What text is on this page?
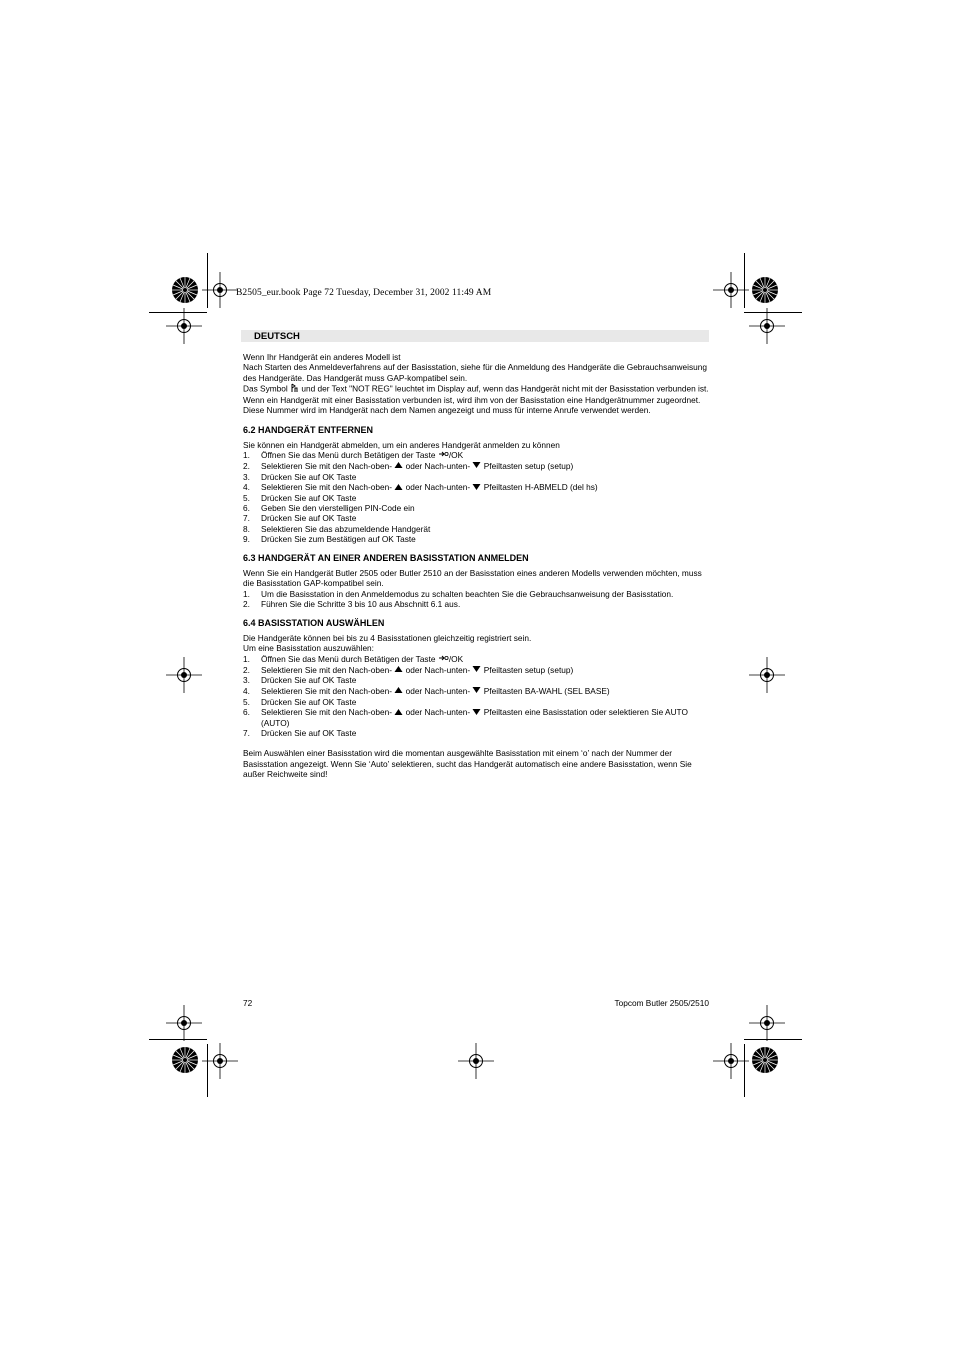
B2505_eur.book Page 72 Tuesday, December 31, 2002 11:49 AM
DEUTSCH

Wenn Ihr Handgerät ein anderes Modell ist

Nach Starten des Anmeldeverfahrens auf der Basisstation, siehe für die Anmeldung des Handgeräte die Gebrauchsanweisung des Handgeräte. Das Handgerät muss GAP-kompatibel sein.

Das Symbol und der Text "NOT REG" leuchtet im Display auf, wenn das Handgerät nicht mit der Basisstation verbunden ist.

Wenn ein Handgerät mit einer Basisstation verbunden ist, wird ihm von der Basisstation eine Handgerätnummer zugeordnet. Diese Nummer wird im Handgerät nach dem Namen angezeigt und muss für interne Anrufe verwendet werden.

6.2 HANDGERÄT ENTFERNEN

Sie können ein Handgerät abmelden, um ein anderes Handgerät anmelden zu können

1.	Öffnen Sie das Menü durch Betätigen der Taste /OK
2.	Selektieren Sie mit den Nach-oben-  oder Nach-unten-  Pfeiltasten setup (setup)
3.	Drücken Sie auf OK Taste
4.	Selektieren Sie mit den Nach-oben-  oder Nach-unten-  Pfeiltasten H-ABMELD (del hs)
5.	Drücken Sie auf OK Taste
6.	Geben Sie den vierstelligen PIN-Code ein
7.	Drücken Sie auf OK Taste
8.	Selektieren Sie das abzumeldende Handgerät
9.	Drücken Sie zum Bestätigen auf OK Taste
6.3 HANDGERÄT AN EINER ANDEREN BASISSTATION ANMELDEN

Wenn Sie ein Handgerät Butler 2505 oder Butler 2510 an der Basisstation eines anderen Modells verwenden möchten, muss die Basisstation GAP-kompatibel sein.

1.	Um die Basisstation in den Anmeldemodus zu schalten beachten Sie die Gebrauchsanweisung der Basisstation.
2.	Führen Sie die Schritte 3 bis 10 aus Abschnitt 6.1 aus.
6.4 BASISSTATION AUSWÄHLEN

Die Handgeräte können bei bis zu 4 Basisstationen gleichzeitig registriert sein.

Um eine Basisstation auszuwählen:

1.	Öffnen Sie das Menü durch Betätigen der Taste /OK
2.	Selektieren Sie mit den Nach-oben-  oder Nach-unten-  Pfeiltasten setup (setup)
3.	Drücken Sie auf OK Taste
4.	Selektieren Sie mit den Nach-oben-  oder Nach-unten-  Pfeiltasten BA-WAHL (SEL BASE)
5.	Drücken Sie auf OK Taste
6.	Selektieren Sie mit den Nach-oben-  oder Nach-unten-  Pfeiltasten eine Basisstation oder selektieren Sie AUTO (AUTO)
7.	Drücken Sie auf OK Taste

Beim Auswählen einer Basisstation wird die momentan ausgewählte Basisstation mit einem ‘o’ nach der Nummer der Basisstation angezeigt. Wenn Sie ‘Auto’ selektieren, sucht das Handgerät automatisch eine andere Basisstation, wenn Sie außer Reichweite sind!

72	Topcom Butler 2505/2510
